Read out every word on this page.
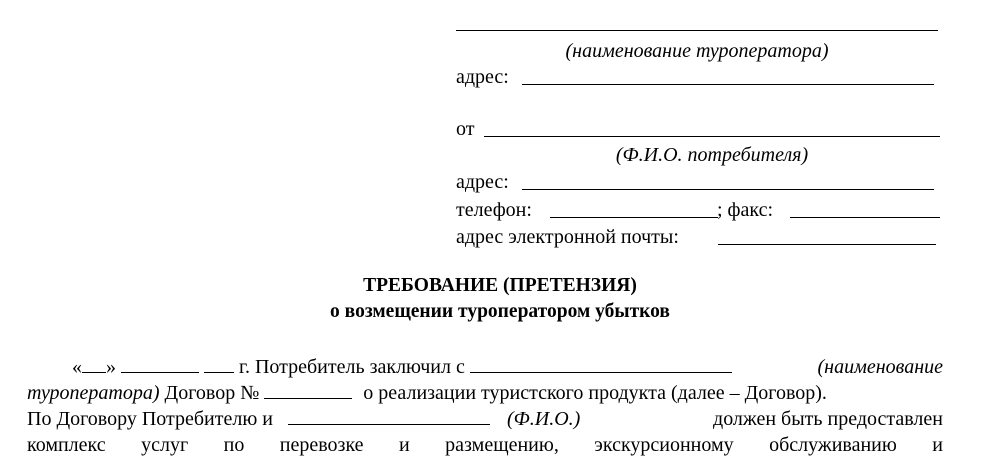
(наименование туроператора)
адрес:
от
(Ф.И.О. потребителя)
адрес:
телефон:	; факс:
адрес электронной почты:
ТРЕБОВАНИЕ (ПРЕТЕНЗИЯ)
о возмещении туроператором убытков
« »	г. Потребитель заключил с	(наименование
туроператора) Договор №	о реализации туристского продукта (далее – Договор).
По Договору Потребителю и	(Ф.И.О.)	должен быть предоставлен
комплекс услуг по перевозке и размещению, экскурсионному обслуживанию и
